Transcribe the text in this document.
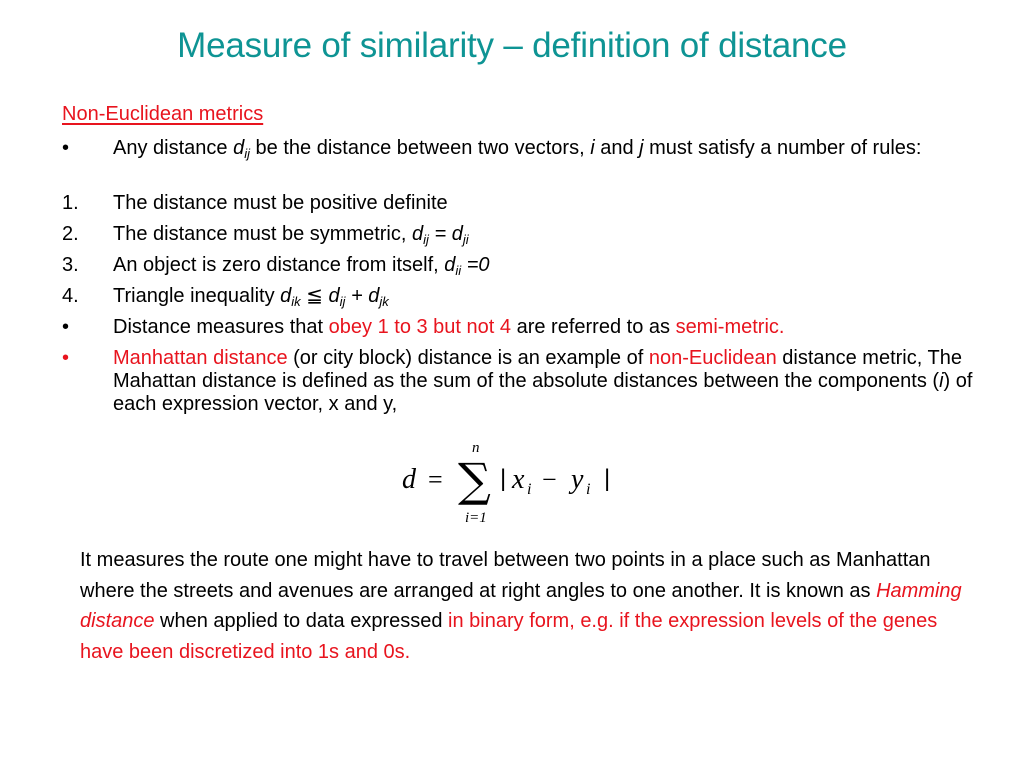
Measure of similarity – definition of distance
Non-Euclidean metrics
• Any distance $d_{ij}$ be the distance between two vectors, i and j must satisfy a number of rules:
1. The distance must be positive definite
2. The distance must be symmetric, $d_{ij} = d_{ji}$
3. An object is zero distance from itself, $d_{ii} =0$
4. Triangle inequality $d_{ik}$ ≦ $d_{ij} + d_{jk}$
• Distance measures that obey 1 to 3 but not 4 are referred to as semi-metric.
• Manhattan distance (or city block) distance is an example of non-Euclidean distance metric, The Mahattan distance is defined as the sum of the absolute distances between the components (i) of each expression vector, x and y,
d =
n
∑
i=1
| x i − y i |
It measures the route one might have to travel between two points in a place such as Manhattan where the streets and avenues are arranged at right angles to one another. It is known as Hamming distance when applied to data expressed in binary form, e.g. if the expression levels of the genes have been discretized into 1s and 0s.
